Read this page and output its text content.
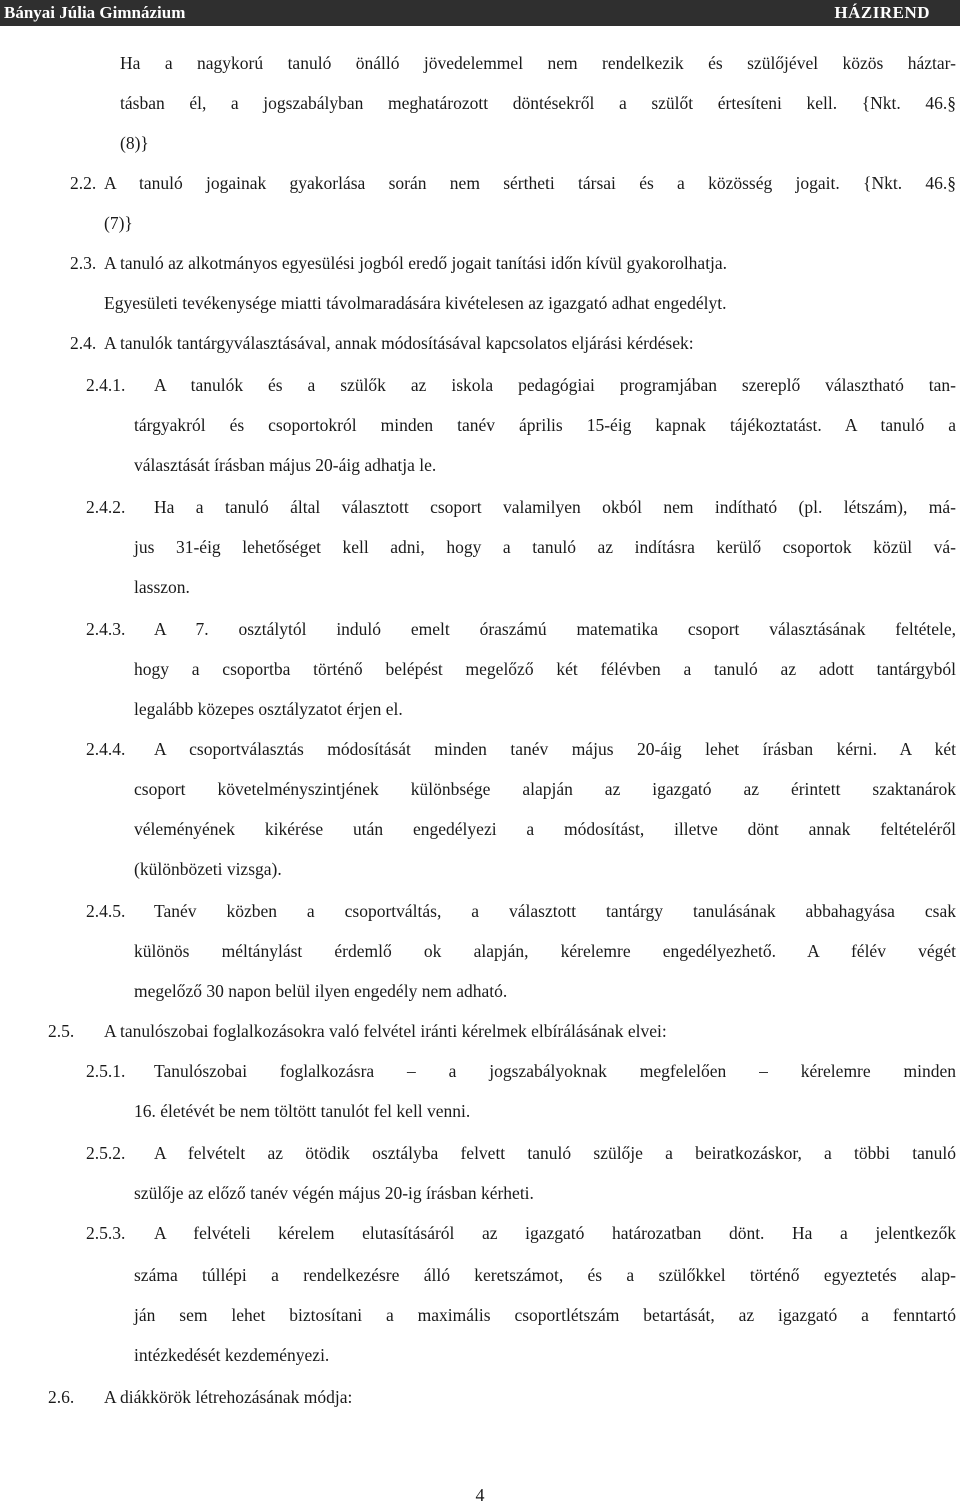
Bányai Júlia Gimnázium	HÁZIREND
Ha a nagykorú tanuló önálló jövedelemmel nem rendelkezik és szülőjével közös háztar-
tásban él, a jogszabályban meghatározott döntésekről a szülőt értesíteni kell. {Nkt. 46.§
(8)}
2.2. A tanuló jogainak gyakorlása során nem sértheti társai és a közösség jogait. {Nkt. 46.§
(7)}
2.3. A tanuló az alkotmányos egyesülési jogból eredő jogait tanítási időn kívül gyakorolhatja.
Egyesületi tevékenysége miatti távolmaradására kivételesen az igazgató adhat engedélyt.
2.4. A tanulók tantárgyválasztásával, annak módosításával kapcsolatos eljárási kérdések:
2.4.1. A tanulók és a szülők az iskola pedagógiai programjában szereplő választható tan-
tárgyakról és csoportokról minden tanév április 15-éig kapnak tájékoztatást. A tanuló a
választását írásban május 20-áig adhatja le.
2.4.2. Ha a tanuló által választott csoport valamilyen okból nem indítható (pl. létszám), má-
jus 31-éig lehetőséget kell adni, hogy a tanuló az indításra kerülő csoportok közül vá-
lasszon.
2.4.3. A 7. osztálytól induló emelt óraszámú matematika csoport választásának feltétele,
hogy a csoportba történő belépést megelőző két félévben a tanuló az adott tantárgyból
legalább közepes osztályzatot érjen el.
2.4.4. A csoportválasztás módosítását minden tanév május 20-áig lehet írásban kérni. A két
csoport követelményszintjének különbsége alapján az igazgató az érintett szaktanárok
véleményének kikérése után engedélyezi a módosítást, illetve dönt annak feltételéről
(különbözeti vizsga).
2.4.5. Tanév közben a csoportváltás, a választott tantárgy tanulásának abbahagyása csak
különös méltánylást érdemlő ok alapján, kérelemre engedélyezhető. A félév végét
megelőző 30 napon belül ilyen engedély nem adható.
2.5. A tanulószobai foglalkozásokra való felvétel iránti kérelmek elbírálásának elvei:
2.5.1. Tanulószobai foglalkozásra – a jogszabályoknak megfelelően – kérelemre minden
16. életévét be nem töltött tanulót fel kell venni.
2.5.2. A felvételt az ötödik osztályba felvett tanuló szülője a beiratkozáskor, a többi tanuló
szülője az előző tanév végén május 20-ig írásban kérheti.
2.5.3. A felvételi kérelem elutasításáról az igazgató határozatban dönt. Ha a jelentkezők
száma túllépi a rendelkezésre álló keretszámot, és a szülőkkel történő egyeztetés alap-
ján sem lehet biztosítani a maximális csoportlétszám betartását, az igazgató a fenntartó
intézkedését kezdeményezi.
2.6. A diákkörök létrehozásának módja:
4
